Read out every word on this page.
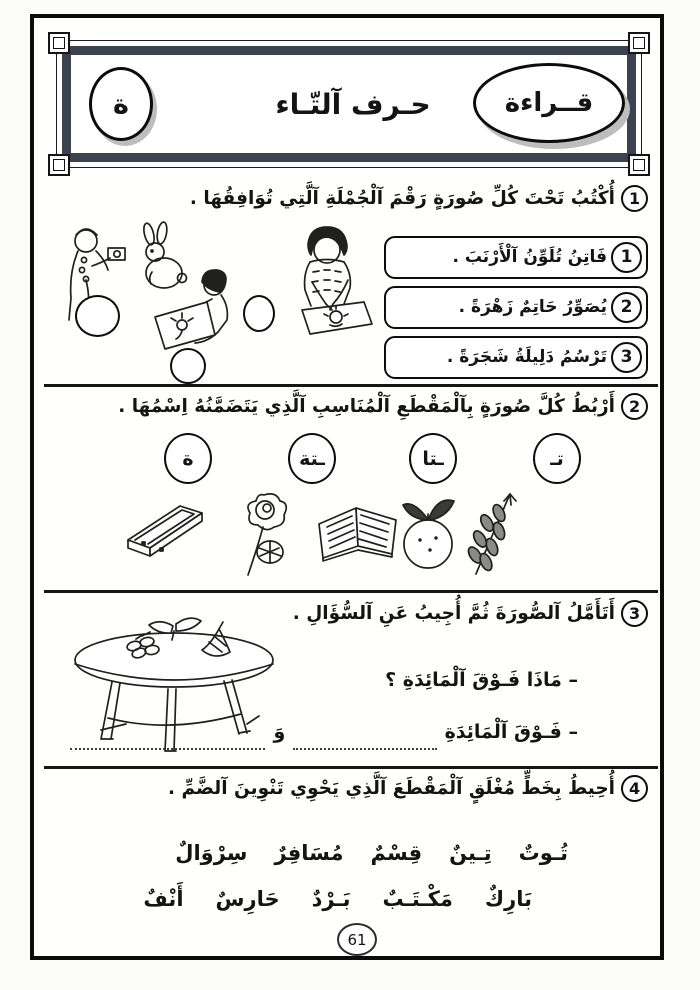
قــراءة
حـرف آلتّـاء
ة
1
أُكْتُبُ تَحْتَ كُلِّ صُورَةٍ رَقْمَ آلْجُمْلَةِ آلَّتِي تُوَافِقُهَا .
1
فَاتِنُ تُلَوِّنُ آلْأَرْنَبَ .
2
يُصَوِّرُ حَاتِمٌ زَهْرَةً .
3
تَرْسُمُ دَلِيلَةُ شَجَرَةً .
2
أَرْبُطُ كُلَّ صُورَةٍ بِآلْمَقْطَعِ آلْمُنَاسِبِ آلَّذِي يَتَضَمَّنُهُ اِسْمُهَا .
تـ
ـتا
ـتة
ة
3
أَتَأَمَّلُ آلصُّورَةَ ثُمَّ أُجِيبُ عَنِ آلسُّؤَالِ .
– مَاذَا فَـوْقَ آلْمَائِدَةِ ؟
– فَـوْقَ آلْمَائِدَةِ
وَ
4
أُحِيطُ بِخَطٍّ مُغْلَقٍ آلْمَقْطَعَ آلَّذِي يَحْوِي تَنْوِينَ آلضَّمِّ .
تُـوتٌ
تِـينٌ
قِسْمٌ
مُسَافِرٌ
سِرْوَالٌ
بَارِكٌ
مَكْـتَـبٌ
بَـرْدٌ
حَارِسٌ
أَنْفٌ
61
